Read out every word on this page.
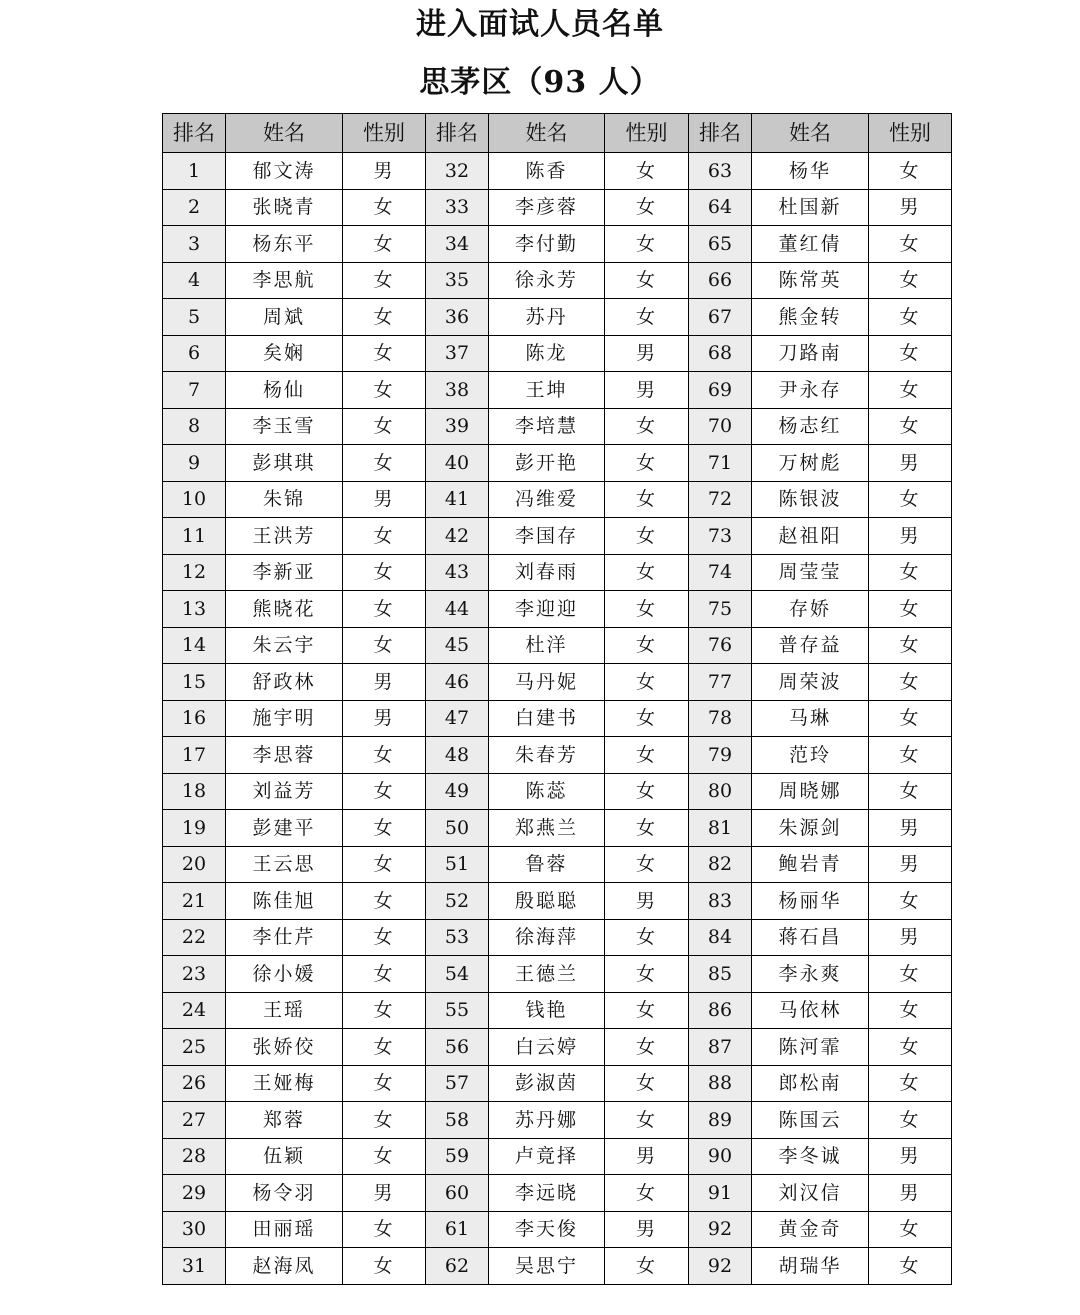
进入面试人员名单
思茅区（93 人）
排名	姓名	性别	排名	姓名	性别	排名	姓名	性别
1	郁文涛	男	32	陈香	女	63	杨华	女
2	张晓青	女	33	李彦蓉	女	64	杜国新	男
3	杨东平	女	34	李付勤	女	65	董红倩	女
4	李思航	女	35	徐永芳	女	66	陈常英	女
5	周斌	女	36	苏丹	女	67	熊金转	女
6	矣娴	女	37	陈龙	男	68	刀路南	女
7	杨仙	女	38	王坤	男	69	尹永存	女
8	李玉雪	女	39	李培慧	女	70	杨志红	女
9	彭琪琪	女	40	彭开艳	女	71	万树彪	男
10	朱锦	男	41	冯维爱	女	72	陈银波	女
11	王洪芳	女	42	李国存	女	73	赵祖阳	男
12	李新亚	女	43	刘春雨	女	74	周莹莹	女
13	熊晓花	女	44	李迎迎	女	75	存娇	女
14	朱云宇	女	45	杜洋	女	76	普存益	女
15	舒政林	男	46	马丹妮	女	77	周荣波	女
16	施宇明	男	47	白建书	女	78	马琳	女
17	李思蓉	女	48	朱春芳	女	79	范玲	女
18	刘益芳	女	49	陈蕊	女	80	周晓娜	女
19	彭建平	女	50	郑燕兰	女	81	朱源剑	男
20	王云思	女	51	鲁蓉	女	82	鲍岩青	男
21	陈佳旭	女	52	殷聪聪	男	83	杨丽华	女
22	李仕芹	女	53	徐海萍	女	84	蒋石昌	男
23	徐小媛	女	54	王德兰	女	85	李永爽	女
24	王瑶	女	55	钱艳	女	86	马依林	女
25	张娇佼	女	56	白云婷	女	87	陈河霏	女
26	王娅梅	女	57	彭淑茵	女	88	郎松南	女
27	郑蓉	女	58	苏丹娜	女	89	陈国云	女
28	伍颖	女	59	卢竟择	男	90	李冬诚	男
29	杨令羽	男	60	李远晓	女	91	刘汉信	男
30	田丽瑶	女	61	李天俊	男	92	黄金奇	女
31	赵海凤	女	62	吴思宁	女	92	胡瑞华	女
